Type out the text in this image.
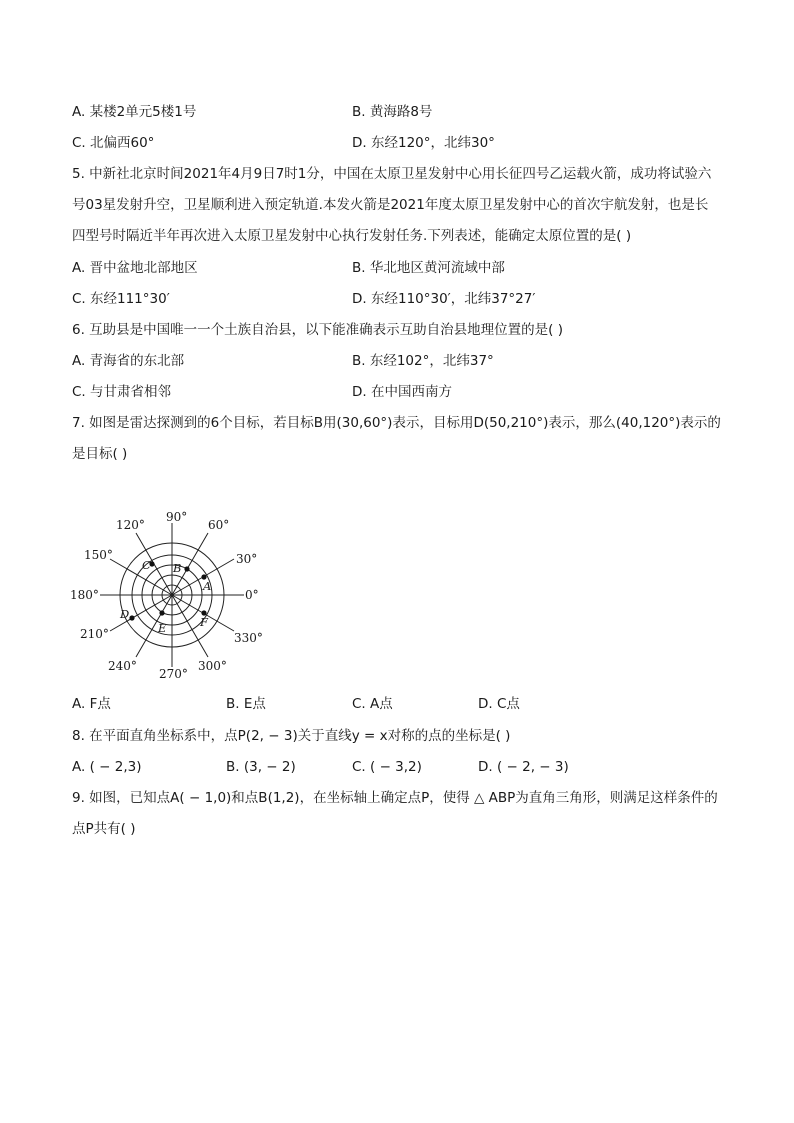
A. 某楼2单元5楼1号	B. 黄海路8号
C. 北偏西60°	D. 东经120°，北纬30°
5. 中新社北京时间2021年4月9日7时1分，中国在太原卫星发射中心用长征四号乙运载火箭，成功将试验六
号03星发射升空，卫星顺利进入预定轨道.本发火箭是2021年度太原卫星发射中心的首次宇航发射，也是长
四型号时隔近半年再次进入太原卫星发射中心执行发射任务.下列表述，能确定太原位置的是( )
A. 晋中盆地北部地区	B. 华北地区黄河流域中部
C. 东经111°30′	D. 东经110°30′，北纬37°27′
6. 互助县是中国唯一一个土族自治县，以下能准确表示互助自治县地理位置的是( )
A. 青海省的东北部	B. 东经102°，北纬37°
C. 与甘肃省相邻	D. 在中国西南方
7. 如图是雷达探测到的6个目标，若目标B用(30,60°)表示，目标用D(50,210°)表示，那么(40,120°)表示的
是目标( )
A
B
C
D
E	F
0°
30°
60°
90°
120°
150°
180°
210°
240°
270°
300°
330°
A. F点	B. E点	C. A点	D. C点
8. 在平面直角坐标系中，点P(2, − 3)关于直线y = x对称的点的坐标是( )
A. ( − 2,3)	B. (3, − 2)	C. ( − 3,2)	D. ( − 2, − 3)
9. 如图，已知点A( − 1,0)和点B(1,2)，在坐标轴上确定点P，使得 △ ABP为直角三角形，则满足这样条件的
点P共有( )
